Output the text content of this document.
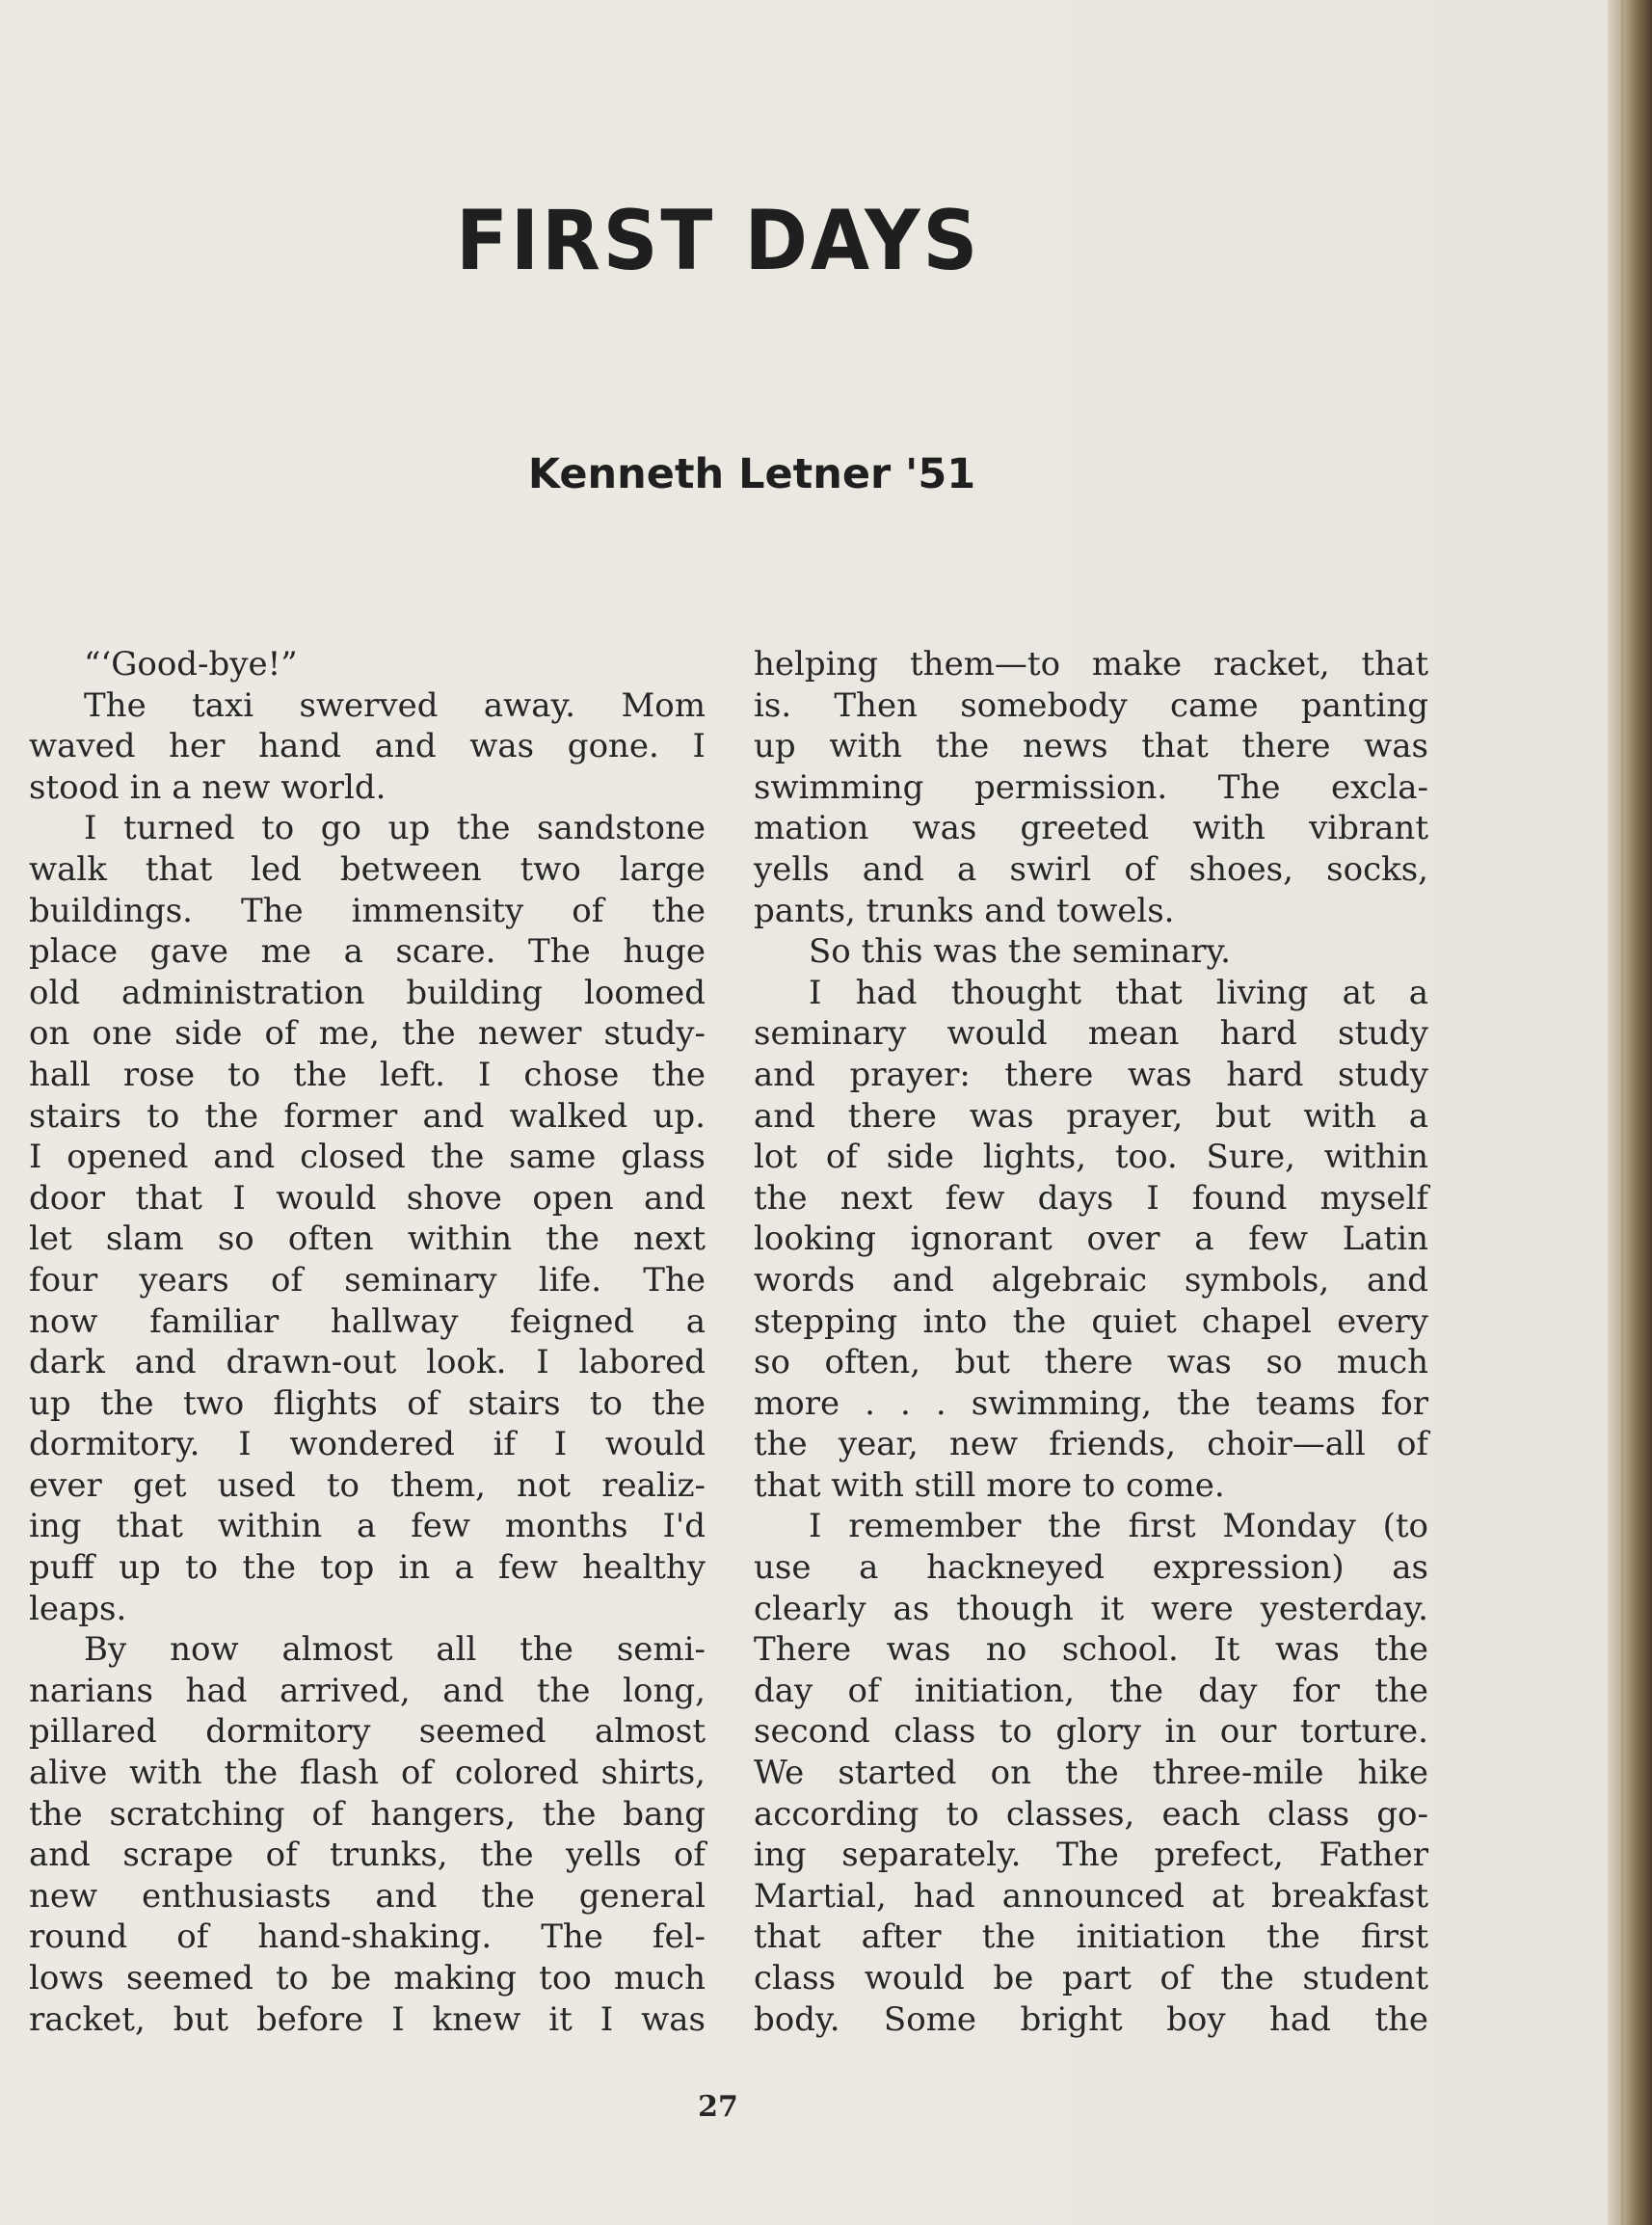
FIRST DAYS
Kenneth Letner '51
“‘Good-bye!”
The taxi swerved away. Mom
waved her hand and was gone. I
stood in a new world.
I turned to go up the sandstone
walk that led between two large
buildings. The immensity of the
place gave me a scare. The huge
old administration building loomed
on one side of me, the newer study-
hall rose to the left. I chose the
stairs to the former and walked up.
I opened and closed the same glass
door that I would shove open and
let slam so often within the next
four years of seminary life. The
now familiar hallway feigned a
dark and drawn-out look. I labored
up the two flights of stairs to the
dormitory. I wondered if I would
ever get used to them, not realiz-
ing that within a few months I'd
puff up to the top in a few healthy
leaps.
By now almost all the semi-
narians had arrived, and the long,
pillared dormitory seemed almost
alive with the flash of colored shirts,
the scratching of hangers, the bang
and scrape of trunks, the yells of
new enthusiasts and the general
round of hand-shaking. The fel-
lows seemed to be making too much
racket, but before I knew it I was
helping them—to make racket, that
is. Then somebody came panting
up with the news that there was
swimming permission. The excla-
mation was greeted with vibrant
yells and a swirl of shoes, socks,
pants, trunks and towels.
So this was the seminary.
I had thought that living at a
seminary would mean hard study
and prayer: there was hard study
and there was prayer, but with a
lot of side lights, too. Sure, within
the next few days I found myself
looking ignorant over a few Latin
words and algebraic symbols, and
stepping into the quiet chapel every
so often, but there was so much
more . . . swimming, the teams for
the year, new friends, choir—all of
that with still more to come.
I remember the first Monday (to
use a hackneyed expression) as
clearly as though it were yesterday.
There was no school. It was the
day of initiation, the day for the
second class to glory in our torture.
We started on the three-mile hike
according to classes, each class go-
ing separately. The prefect, Father
Martial, had announced at breakfast
that after the initiation the first
class would be part of the student
body. Some bright boy had the
27
